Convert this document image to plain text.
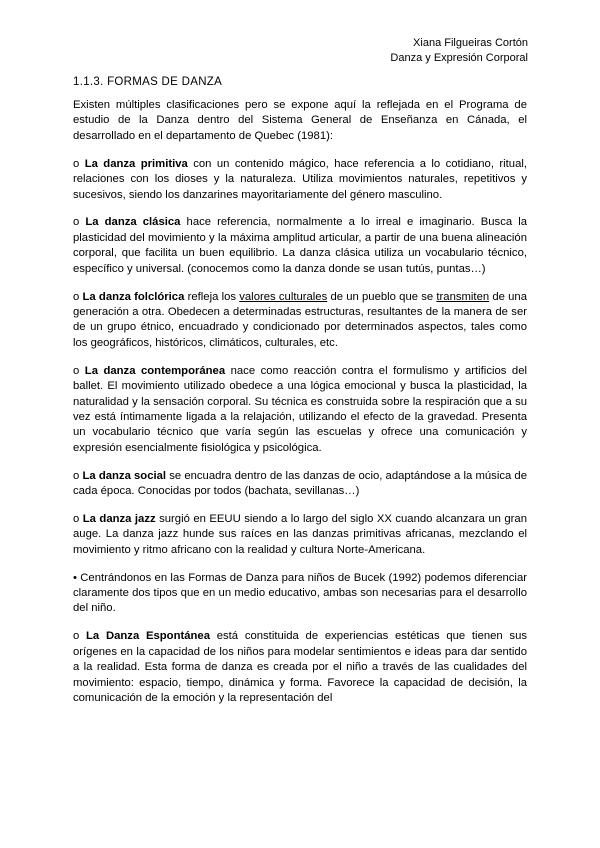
Xiana Filgueiras Cortón
Danza y Expresión Corporal
1.1.3. FORMAS DE DANZA

Existen múltiples clasificaciones pero se expone aquí la reflejada en el Programa de estudio de la Danza dentro del Sistema General de Enseñanza en Cánada, el desarrollado en el departamento de Quebec (1981):

o La danza primitiva con un contenido mágico, hace referencia a lo cotidiano, ritual, relaciones con los dioses y la naturaleza. Utiliza movimientos naturales, repetitivos y sucesivos, siendo los danzarines mayoritariamente del género masculino.

o La danza clásica hace referencia, normalmente a lo irreal e imaginario. Busca la plasticidad del movimiento y la máxima amplitud articular, a partir de una buena alineación corporal, que facilita un buen equilibrio. La danza clásica utiliza un vocabulario técnico, específico y universal. (conocemos como la danza donde se usan tutús, puntas…)

o La danza folclórica refleja los valores culturales de un pueblo que se transmiten de una generación a otra. Obedecen a determinadas estructuras, resultantes de la manera de ser de un grupo étnico, encuadrado y condicionado por determinados aspectos, tales como los geográficos, históricos, climáticos, culturales, etc.

o La danza contemporánea nace como reacción contra el formulismo y artificios del ballet. El movimiento utilizado obedece a una lógica emocional y busca la plasticidad, la naturalidad y la sensación corporal. Su técnica es construida sobre la respiración que a su vez está íntimamente ligada a la relajación, utilizando el efecto de la gravedad. Presenta un vocabulario técnico que varía según las escuelas y ofrece una comunicación y expresión esencialmente fisiológica y psicológica.

o La danza social se encuadra dentro de las danzas de ocio, adaptándose a la música de cada época. Conocidas por todos (bachata, sevillanas…)

o La danza jazz surgió en EEUU siendo a lo largo del siglo XX cuando alcanzara un gran auge. La danza jazz hunde sus raíces en las danzas primitivas africanas, mezclando el movimiento y ritmo africano con la realidad y cultura Norte-Americana.

• Centrándonos en las Formas de Danza para niños de Bucek (1992) podemos diferenciar claramente dos tipos que en un medio educativo, ambas son necesarias para el desarrollo del niño.

o La Danza Espontánea está constituida de experiencias estéticas que tienen sus orígenes en la capacidad de los niños para modelar sentimientos e ideas para dar sentido a la realidad. Esta forma de danza es creada por el niño a través de las cualidades del movimiento: espacio, tiempo, dinámica y forma. Favorece la capacidad de decisión, la comunicación de la emoción y la representación del
